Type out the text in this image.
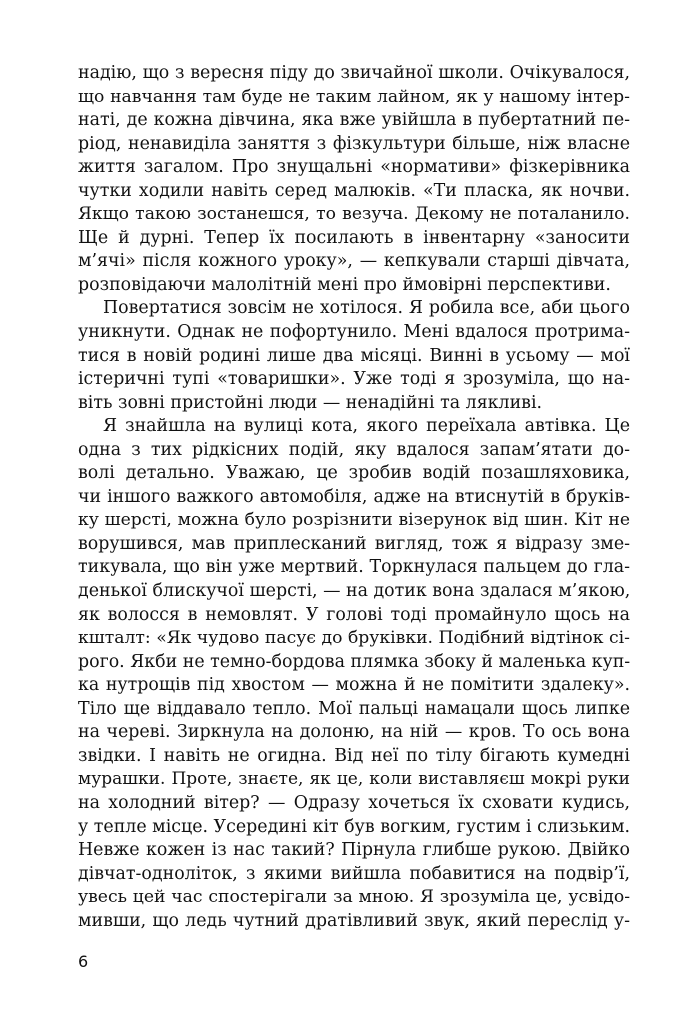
надію, що з вересня піду до звичайної школи. Очікувалося,
що навчання там буде не таким лайном, як у нашому інтер-
наті, де кожна дівчина, яка вже увійшла в пубертатний пе-
ріод, ненавиділа заняття з фізкультури більше, ніж власне
життя загалом. Про знущальні «нормативи» фізкерівника
чутки ходили навіть серед малюків. «Ти пласка, як ночви.
Якщо такою зостанешся, то везуча. Декому не поталанило.
Ще й дурні. Тепер їх посилають в інвентарну «заносити
м’ячі» після кожного уроку», — кепкували старші дівчата,
розповідаючи малолітній мені про ймовірні перспективи.
Повертатися зовсім не хотілося. Я робила все, аби цього
уникнути. Однак не пофортунило. Мені вдалося протрима-
тися в новій родині лише два місяці. Винні в усьому — мої
істеричні тупі «товаришки». Уже тоді я зрозуміла, що на-
віть зовні пристойні люди — ненадійні та лякливі.
Я знайшла на вулиці кота, якого переїхала автівка. Це
одна з тих рідкісних подій, яку вдалося запам’ятати до-
волі детально. Уважаю, це зробив водій позашляховика,
чи іншого важкого автомобіля, адже на втиснутій в бруків-
ку шерсті, можна було розрізнити візерунок від шин. Кіт не
ворушився, мав приплесканий вигляд, тож я відразу зме-
тикувала, що він уже мертвий. Торкнулася пальцем до гла-
денької блискучої шерсті, — на дотик вона здалася м’якою,
як волосся в немовлят. У голові тоді промайнуло щось на
кшталт: «Як чудово пасує до бруківки. Подібний відтінок сі-
рого. Якби не темно-бордова плямка збоку й маленька куп-
ка нутрощів під хвостом — можна й не помітити здалеку».
Тіло ще віддавало тепло. Мої пальці намацали щось липке
на череві. Зиркнула на долоню, на ній — кров. То ось вона
звідки. І навіть не огидна. Від неї по тілу бігають кумедні
мурашки. Проте, знаєте, як це, коли виставляєш мокрі руки
на холодний вітер? — Одразу хочеться їх сховати кудись,
у тепле місце. Усередині кіт був вогким, густим і слизьким.
Невже кожен із нас такий? Пірнула глибше рукою. Двійко
дівчат-одноліток, з якими вийшла побавитися на подвір’ї,
увесь цей час спостерігали за мною. Я зрозуміла це, усвідо-
мивши, що ледь чутний дратівливий звук, який переслід у-
6
